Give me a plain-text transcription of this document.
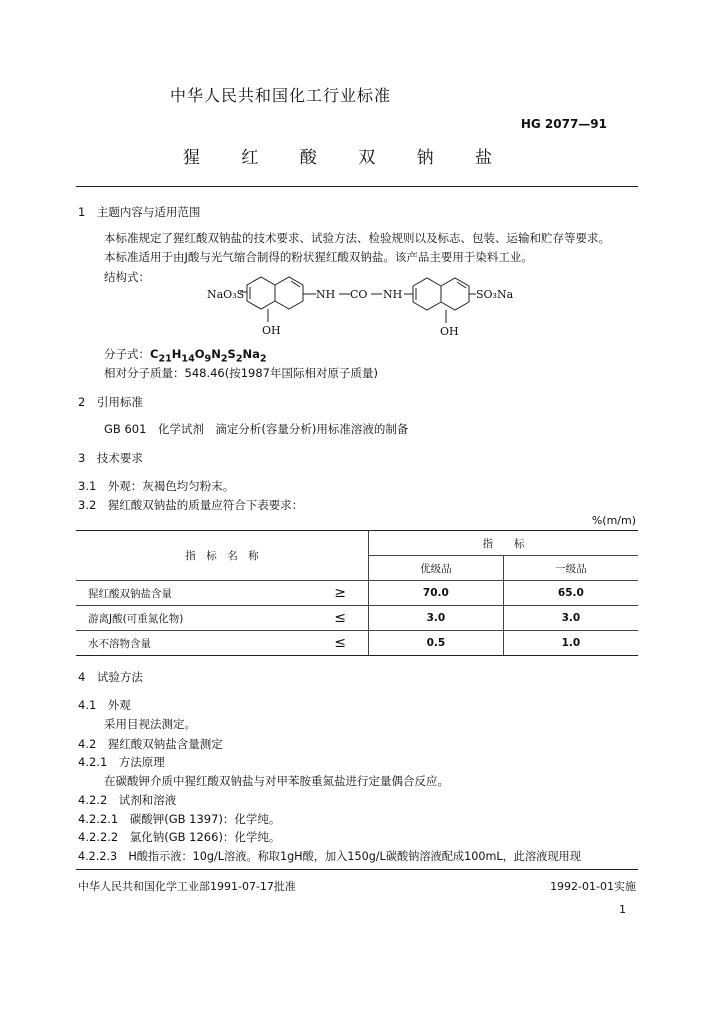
中华人民共和国化工行业标准
HG 2077—91
猩 红 酸 双 钠 盐
1　主题内容与适用范围
本标准规定了猩红酸双钠盐的技术要求、试验方法、检验规则以及标志、包装、运输和贮存等要求。
本标准适用于由J酸与光气缩合制得的粉状猩红酸双钠盐。该产品主要用于染料工业。
结构式：
NaO₃S	NH CO NH	SO₃Na
OH	OH
分子式：$C_{21}H_{14}O_9N_2S_2Na_2$
相对分子质量：548.46(按1987年国际相对原子质量)
2　引用标准
GB 601　化学试剂　滴定分析(容量分析)用标准溶液的制备
3　技术要求
3.1　外观：灰褐色均匀粉末。
3.2　猩红酸双钠盐的质量应符合下表要求：
%(m/m)
指　标　名　称		指　　标	
		优级品	一级品
猩红酸双钠盐含量	≥	70.0	65.0
游离J酸(可重氮化物)	≤	3.0	3.0
水不溶物含量	≤	0.5	1.0
4　试验方法
4.1　外观
采用目视法测定。
4.2　猩红酸双钠盐含量测定
4.2.1　方法原理
在碳酸钾介质中猩红酸双钠盐与对甲苯胺重氮盐进行定量偶合反应。
4.2.2　试剂和溶液
4.2.2.1　碳酸钾(GB 1397)：化学纯。
4.2.2.2　氯化钠(GB 1266)：化学纯。
4.2.2.3　H酸指示液：10g/L溶液。称取1gH酸，加入150g/L碳酸钠溶液配成100mL，此溶液现用现
中华人民共和国化学工业部1991-07-17批准	1992-01-01实施
1
